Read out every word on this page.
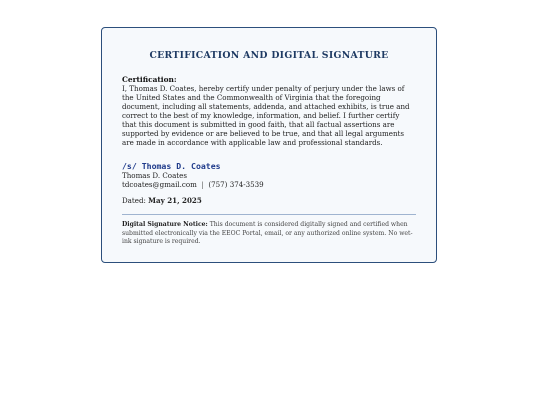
CERTIFICATION AND DIGITAL SIGNATURE
Certification:
I, Thomas D. Coates, hereby certify under penalty of perjury under the laws of the United States and the Commonwealth of Virginia that the foregoing document, including all statements, addenda, and attached exhibits, is true and correct to the best of my knowledge, information, and belief. I further certify that this document is submitted in good faith, that all factual assertions are supported by evidence or are believed to be true, and that all legal arguments are made in accordance with applicable law and professional standards.
/s/ Thomas D. Coates
Thomas D. Coates
tdcoates@gmail.com | (757) 374-3539
Dated: May 21, 2025
Digital Signature Notice: This document is considered digitally signed and certified when submitted electronically via the EEOC Portal, email, or any authorized online system. No wet-ink signature is required.
